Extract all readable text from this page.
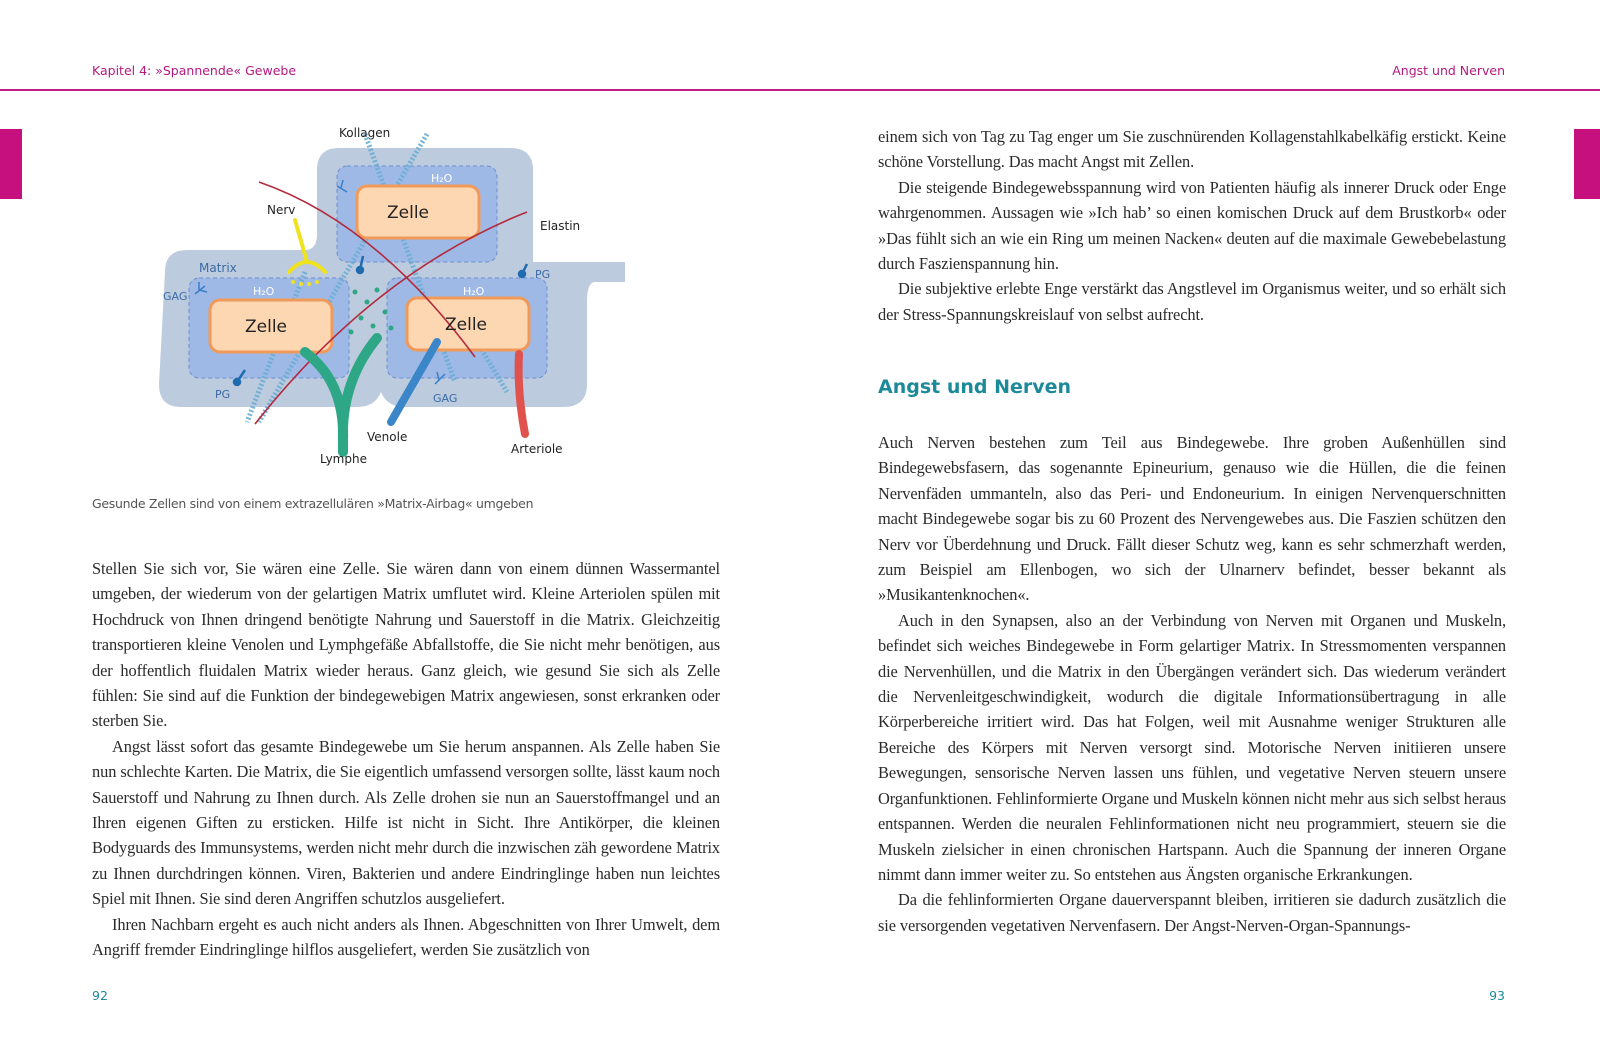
Kapitel 4: »Spannende« Gewebe	Angst und Nerven
Kollagen
Elastin
Nerv
Matrix
GAG
PG
PG	GAG
H₂O
H₂O	H₂O
Zelle
Zelle	Zelle
Venole
Lymphe
Arteriole
Gesunde Zellen sind von einem extrazellulären »Matrix-Airbag« umgeben

Stellen Sie sich vor, Sie wären eine Zelle. Sie wären dann von einem dünnen Wassermantel umgeben, der wiederum von der gelartigen Matrix umflutet wird. Kleine Arteriolen spülen mit Hochdruck von Ihnen dringend benötigte Nahrung und Sauerstoff in die Matrix. Gleichzeitig transportieren kleine Venolen und Lymphgefäße Abfallstoffe, die Sie nicht mehr benötigen, aus der hoffentlich fluidalen Matrix wieder heraus. Ganz gleich, wie gesund Sie sich als Zelle fühlen: Sie sind auf die Funktion der bindegewebigen Matrix angewiesen, sonst erkranken oder sterben Sie.

Angst lässt sofort das gesamte Bindegewebe um Sie herum anspannen. Als Zelle haben Sie nun schlechte Karten. Die Matrix, die Sie eigentlich umfassend versorgen sollte, lässt kaum noch Sauerstoff und Nahrung zu Ihnen durch. Als Zelle drohen sie nun an Sauerstoffmangel und an Ihren eigenen Giften zu ersticken. Hilfe ist nicht in Sicht. Ihre Antikörper, die kleinen Bodyguards des Immunsystems, werden nicht mehr durch die inzwischen zäh gewordene Matrix zu Ihnen durchdringen können. Viren, Bakterien und andere Eindringlinge haben nun leichtes Spiel mit Ihnen. Sie sind deren Angriffen schutzlos ausgeliefert.

Ihren Nachbarn ergeht es auch nicht anders als Ihnen. Abgeschnitten von Ihrer Umwelt, dem Angriff fremder Eindringlinge hilflos ausgeliefert, werden Sie zusätzlich von

einem sich von Tag zu Tag enger um Sie zuschnürenden Kollagenstahlkabelkäfig erstickt. Keine schöne Vorstellung. Das macht Angst mit Zellen.

Die steigende Bindegewebsspannung wird von Patienten häufig als innerer Druck oder Enge wahrgenommen. Aussagen wie »Ich hab’ so einen komischen Druck auf dem Brustkorb« oder »Das fühlt sich an wie ein Ring um meinen Nacken« deuten auf die maximale Gewebebelastung durch Faszienspannung hin.

Die subjektive erlebte Enge verstärkt das Angstlevel im Organismus weiter, und so erhält sich der Stress-Spannungskreislauf von selbst aufrecht.

Angst und Nerven

Auch Nerven bestehen zum Teil aus Bindegewebe. Ihre groben Außenhüllen sind Bindegewebsfasern, das sogenannte Epineurium, genauso wie die Hüllen, die die feinen Nervenfäden ummanteln, also das Peri- und Endoneurium. In einigen Nervenquerschnitten macht Bindegewebe sogar bis zu 60 Prozent des Nervengewebes aus. Die Faszien schützen den Nerv vor Überdehnung und Druck. Fällt dieser Schutz weg, kann es sehr schmerzhaft werden, zum Beispiel am Ellenbogen, wo sich der Ulnarnerv befindet, besser bekannt als »Musikantenknochen«.

Auch in den Synapsen, also an der Verbindung von Nerven mit Organen und Muskeln, befindet sich weiches Bindegewebe in Form gelartiger Matrix. In Stressmomenten verspannen die Nervenhüllen, und die Matrix in den Übergängen verändert sich. Das wiederum verändert die Nervenleitgeschwindigkeit, wodurch die digitale Informationsübertragung in alle Körperbereiche irritiert wird. Das hat Folgen, weil mit Ausnahme weniger Strukturen alle Bereiche des Körpers mit Nerven versorgt sind. Motorische Nerven initiieren unsere Bewegungen, sensorische Nerven lassen uns fühlen, und vegetative Nerven steuern unsere Organfunktionen. Fehlinformierte Organe und Muskeln können nicht mehr aus sich selbst heraus entspannen. Werden die neuralen Fehlinformationen nicht neu programmiert, steuern sie die Muskeln zielsicher in einen chronischen Hartspann. Auch die Spannung der inneren Organe nimmt dann immer weiter zu. So entstehen aus Ängsten organische Erkrankungen.

Da die fehlinformierten Organe dauerverspannt bleiben, irritieren sie dadurch zusätzlich die sie versorgenden vegetativen Nervenfasern. Der Angst-Nerven-Organ-Spannungs-

92	93
